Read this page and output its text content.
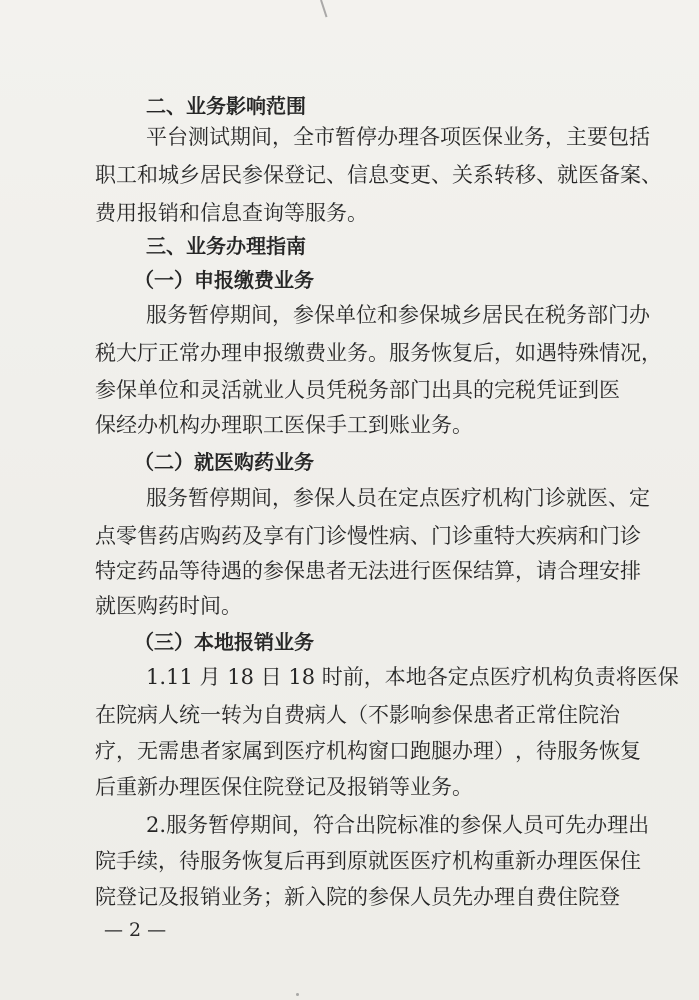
二、业务影响范围
平 台 测 试 期 间 ， 全 市 暂 停 办 理 各 项 医 保 业 务 ， 主 要 包 括
职 工 和 城 乡 居 民 参 保 登 记 、 信 息 变 更 、 关 系 转 移 、 就 医 备 案 、
费用报销和信息查询等服务。
三、业务办理指南
（一）申报缴费业务
服 务 暂 停 期 间 ， 参 保 单 位 和 参 保 城 乡 居 民 在 税 务 部 门 办
税 大 厅 正 常 办 理 申 报 缴 费 业 务 。 服 务 恢 复 后 ， 如 遇 特 殊 情 况 ，
参 保 单 位 和 灵 活 就 业 人 员 凭 税 务 部 门 出 具 的 完 税 凭 证 到 医
保经办机构办理职工医保手工到账业务。
（二）就医购药业务
服 务 暂 停 期 间 ， 参 保 人 员 在 定 点 医 疗 机 构 门 诊 就 医 、 定
点 零 售 药 店 购 药 及 享 有 门 诊 慢 性 病 、 门 诊 重 特 大 疾 病 和 门 诊
特 定 药 品 等 待 遇 的 参 保 患 者 无 法 进 行 医 保 结 算 ， 请 合 理 安 排
就医购药时间。
（三）本地报销业务
1 . 1 1
月
1 8
日
1 8
时 前 ， 本 地 各 定 点 医 疗 机 构 负 责 将 医 保
在 院 病 人 统 一 转 为 自 费 病 人 （ 不 影 响 参 保 患 者 正 常 住 院 治
疗 ， 无 需 患 者 家 属 到 医 疗 机 构 窗 口 跑 腿 办 理 ） ， 待 服 务 恢 复
后重新办理医保住院登记及报销等业务。
2 . 服 务 暂 停 期 间 ， 符 合 出 院 标 准 的 参 保 人 员 可 先 办 理 出
院 手 续 ， 待 服 务 恢 复 后 再 到 原 就 医 医 疗 机 构 重 新 办 理 医 保 住
院 登 记 及 报 销 业 务 ； 新 入 院 的 参 保 人 员 先 办 理 自 费 住 院 登
— 2 —
